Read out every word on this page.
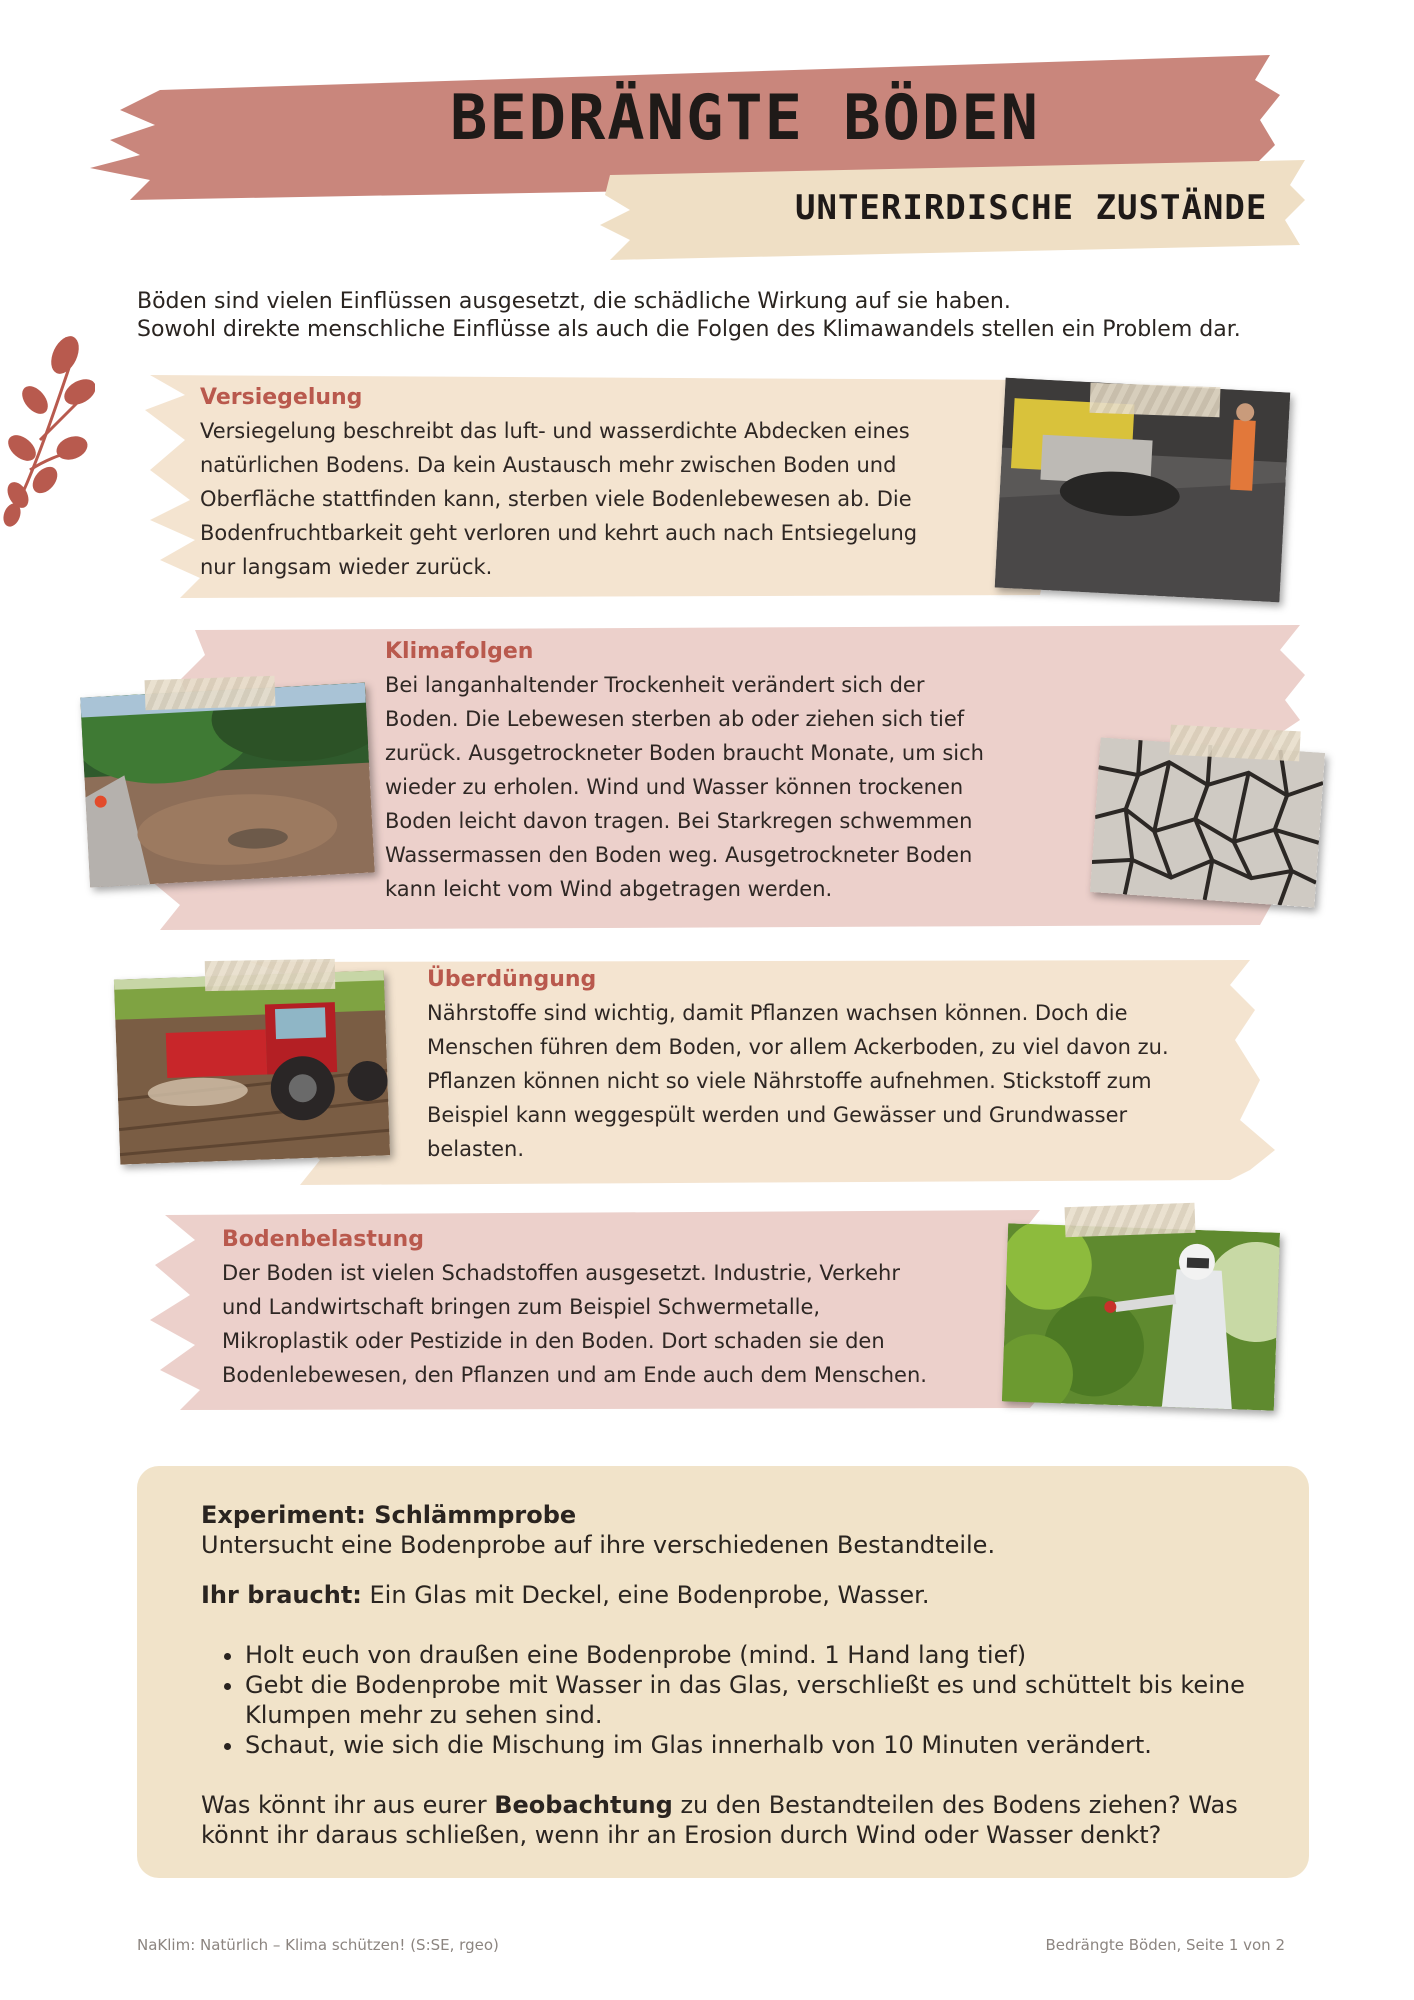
BEDRÄNGTE BÖDEN
UNTERIRDISCHE ZUSTÄNDE
Böden sind vielen Einflüssen ausgesetzt, die schädliche Wirkung auf sie haben.
Sowohl direkte menschliche Einflüsse als auch die Folgen des Klimawandels stellen ein Problem dar.
Versiegelung
Versiegelung beschreibt das luft- und wasserdichte Abdecken eines
natürlichen Bodens. Da kein Austausch mehr zwischen Boden und
Oberfläche stattfinden kann, sterben viele Bodenlebewesen ab. Die
Bodenfruchtbarkeit geht verloren und kehrt auch nach Entsiegelung
nur langsam wieder zurück.
Klimafolgen
Bei langanhaltender Trockenheit verändert sich der
Boden. Die Lebewesen sterben ab oder ziehen sich tief
zurück. Ausgetrockneter Boden braucht Monate, um sich
wieder zu erholen. Wind und Wasser können trockenen
Boden leicht davon tragen. Bei Starkregen schwemmen
Wassermassen den Boden weg. Ausgetrockneter Boden
kann leicht vom Wind abgetragen werden.
Überdüngung
Nährstoffe sind wichtig, damit Pflanzen wachsen können. Doch die
Menschen führen dem Boden, vor allem Ackerboden, zu viel davon zu.
Pflanzen können nicht so viele Nährstoffe aufnehmen. Stickstoff zum
Beispiel kann weggespült werden und Gewässer und Grundwasser
belasten.
Bodenbelastung
Der Boden ist vielen Schadstoffen ausgesetzt. Industrie, Verkehr
und Landwirtschaft bringen zum Beispiel Schwermetalle,
Mikroplastik oder Pestizide in den Boden. Dort schaden sie den
Bodenlebewesen, den Pflanzen und am Ende auch dem Menschen.
Experiment: Schlämmprobe
Untersucht eine Bodenprobe auf ihre verschiedenen Bestandteile.
Ihr braucht: Ein Glas mit Deckel, eine Bodenprobe, Wasser.
• Holt euch von draußen eine Bodenprobe (mind. 1 Hand lang tief)
• Gebt die Bodenprobe mit Wasser in das Glas, verschließt es und schüttelt bis keine Klumpen mehr zu sehen sind.
• Schaut, wie sich die Mischung im Glas innerhalb von 10 Minuten verändert.
Was könnt ihr aus eurer Beobachtung zu den Bestandteilen des Bodens ziehen? Was könnt ihr daraus schließen, wenn ihr an Erosion durch Wind oder Wasser denkt?
NaKlim: Natürlich – Klima schützen! (S:SE, rgeo)	Bedrängte Böden, Seite 1 von 2
